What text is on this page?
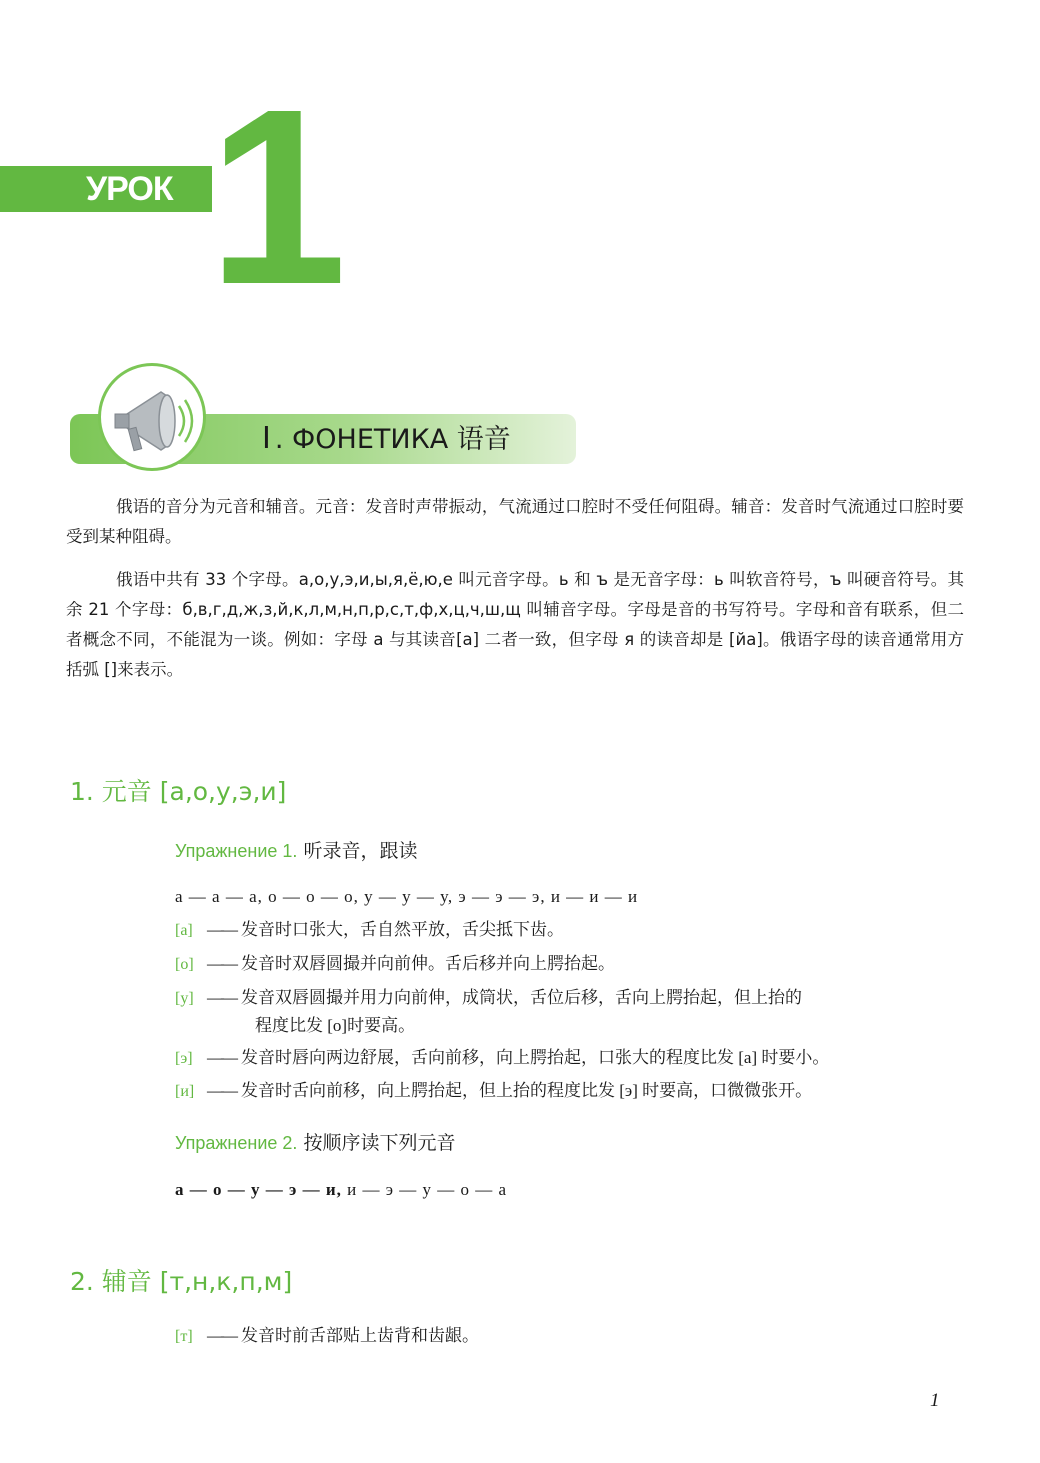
УРОК 1
Ⅰ . ФОНЕТИКА 语音
俄语的音分为元音和辅音。元音：发音时声带振动，气流通过口腔时不受任何阻碍。辅音：发音时气流通过口腔时要受到某种阻碍。
俄语中共有 33 个字母。а,о,у,э,и,ы,я,ё,ю,е 叫元音字母。ь 和 ъ 是无音字母：ь 叫软音符号，ъ 叫硬音符号。其余 21 个字母：б,в,г,д,ж,з,й,к,л,м,н,п,р,с,т,ф,х,ц,ч,ш,щ 叫辅音字母。字母是音的书写符号。字母和音有联系，但二者概念不同，不能混为一谈。例如：字母 а 与其读音[а] 二者一致，但字母 я 的读音却是 [йа]。俄语字母的读音通常用方括弧 []来表示。
1. 元音 [а,о,у,э,и]
Упражнение 1. 听录音，跟读
а — а — а, о — о — о, у — у — у, э — э — э, и — и — и
[а] —— 发音时口张大，舌自然平放，舌尖抵下齿。
[о] —— 发音时双唇圆撮并向前伸。舌后移并向上腭抬起。
[у] —— 发音双唇圆撮并用力向前伸，成筒状，舌位后移，舌向上腭抬起，但上抬的
程度比发 [о]时要高。
[э] —— 发音时唇向两边舒展，舌向前移，向上腭抬起，口张大的程度比发 [а] 时要小。
[и] —— 发音时舌向前移，向上腭抬起，但上抬的程度比发 [э] 时要高，口微微张开。
Упражнение 2. 按顺序读下列元音
а — о — у — э — и, и — э — у — о — а
2. 辅音 [т,н,к,п,м]
[т] —— 发音时前舌部贴上齿背和齿龈。
1
